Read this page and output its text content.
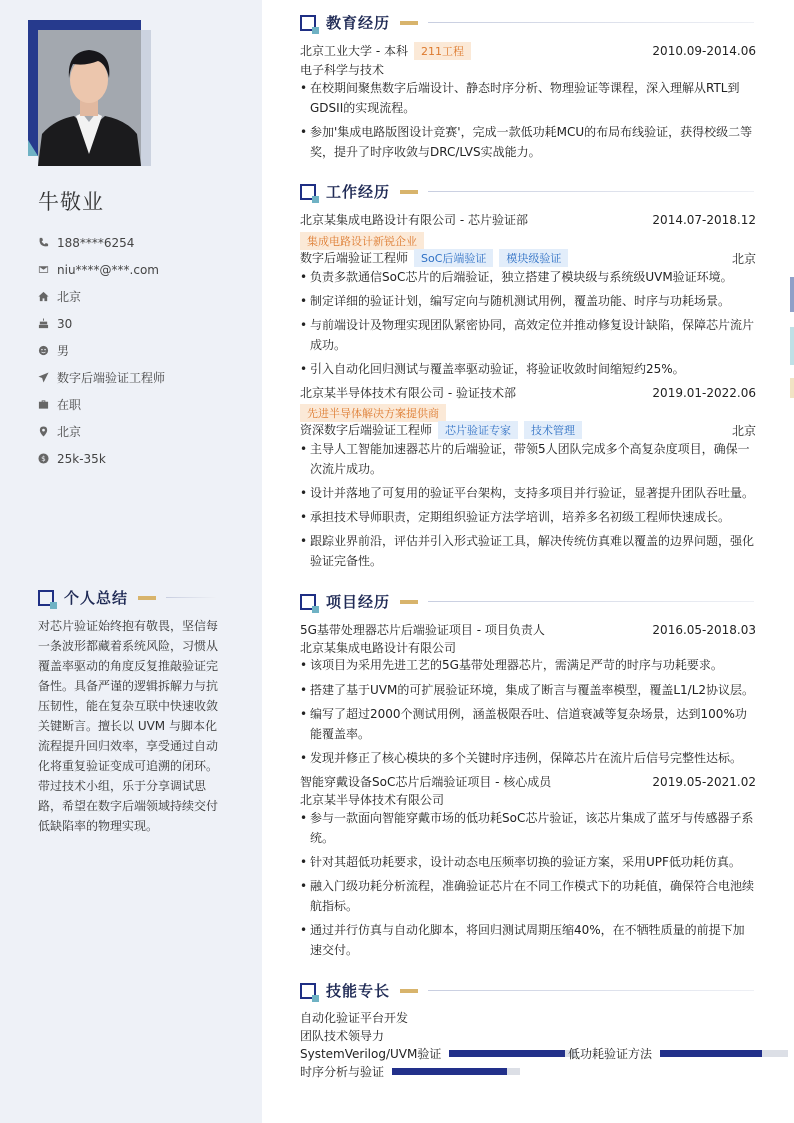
牛敬业
188****6254
niu****@***.com
北京
30
男
数字后端验证工程师
在职
北京
$ 25k-35k
个人总结
对芯片验证始终抱有敬畏，坚信每一条波形都藏着系统风险，习惯从覆盖率驱动的角度反复推敲验证完备性。具备严谨的逻辑拆解力与抗压韧性，能在复杂互联中快速收敛关键断言。擅长以 UVM 与脚本化流程提升回归效率，享受通过自动化将重复验证变成可追溯的闭环。带过技术小组，乐于分享调试思路，希望在数字后端领域持续交付低缺陷率的物理实现。
教育经历
北京工业大学 - 本科 211工程	2010.09-2014.06
电子科学与技术
• 在校期间聚焦数字后端设计、静态时序分析、物理验证等课程，深入理解从RTL到GDSII的实现流程。
• 参加'集成电路版图设计竞赛'，完成一款低功耗MCU的布局布线验证，获得校级二等奖，提升了时序收敛与DRC/LVS实战能力。
工作经历
北京某集成电路设计有限公司 - 芯片验证部	2014.07-2018.12
集成电路设计新锐企业
数字后端验证工程师 SoC后端验证 模块级验证	北京
• 负责多款通信SoC芯片的后端验证，独立搭建了模块级与系统级UVM验证环境。
• 制定详细的验证计划，编写定向与随机测试用例，覆盖功能、时序与功耗场景。
• 与前端设计及物理实现团队紧密协同，高效定位并推动修复设计缺陷，保障芯片流片成功。
• 引入自动化回归测试与覆盖率驱动验证，将验证收敛时间缩短约25%。
北京某半导体技术有限公司 - 验证技术部	2019.01-2022.06
先进半导体解决方案提供商
资深数字后端验证工程师 芯片验证专家 技术管理	北京
• 主导人工智能加速器芯片的后端验证，带领5人团队完成多个高复杂度项目，确保一次流片成功。
• 设计并落地了可复用的验证平台架构，支持多项目并行验证，显著提升团队吞吐量。
• 承担技术导师职责，定期组织验证方法学培训，培养多名初级工程师快速成长。
• 跟踪业界前沿，评估并引入形式验证工具，解决传统仿真难以覆盖的边界问题，强化验证完备性。
项目经历
5G基带处理器芯片后端验证项目 - 项目负责人	2016.05-2018.03
北京某集成电路设计有限公司
• 该项目为采用先进工艺的5G基带处理器芯片，需满足严苛的时序与功耗要求。
• 搭建了基于UVM的可扩展验证环境，集成了断言与覆盖率模型，覆盖L1/L2协议层。
• 编写了超过2000个测试用例，涵盖极限吞吐、信道衰减等复杂场景，达到100%功能覆盖率。
• 发现并修正了核心模块的多个关键时序违例，保障芯片在流片后信号完整性达标。
智能穿戴设备SoC芯片后端验证项目 - 核心成员	2019.05-2021.02
北京某半导体技术有限公司
• 参与一款面向智能穿戴市场的低功耗SoC芯片验证，该芯片集成了蓝牙与传感器子系统。
• 针对其超低功耗要求，设计动态电压频率切换的验证方案，采用UPF低功耗仿真。
• 融入门级功耗分析流程，准确验证芯片在不同工作模式下的功耗值，确保符合电池续航指标。
• 通过并行仿真与自动化脚本，将回归测试周期压缩40%，在不牺牲质量的前提下加速交付。
技能专长
自动化验证平台开发
团队技术领导力
SystemVerilog/UVM验证	低功耗验证方法
时序分析与验证
